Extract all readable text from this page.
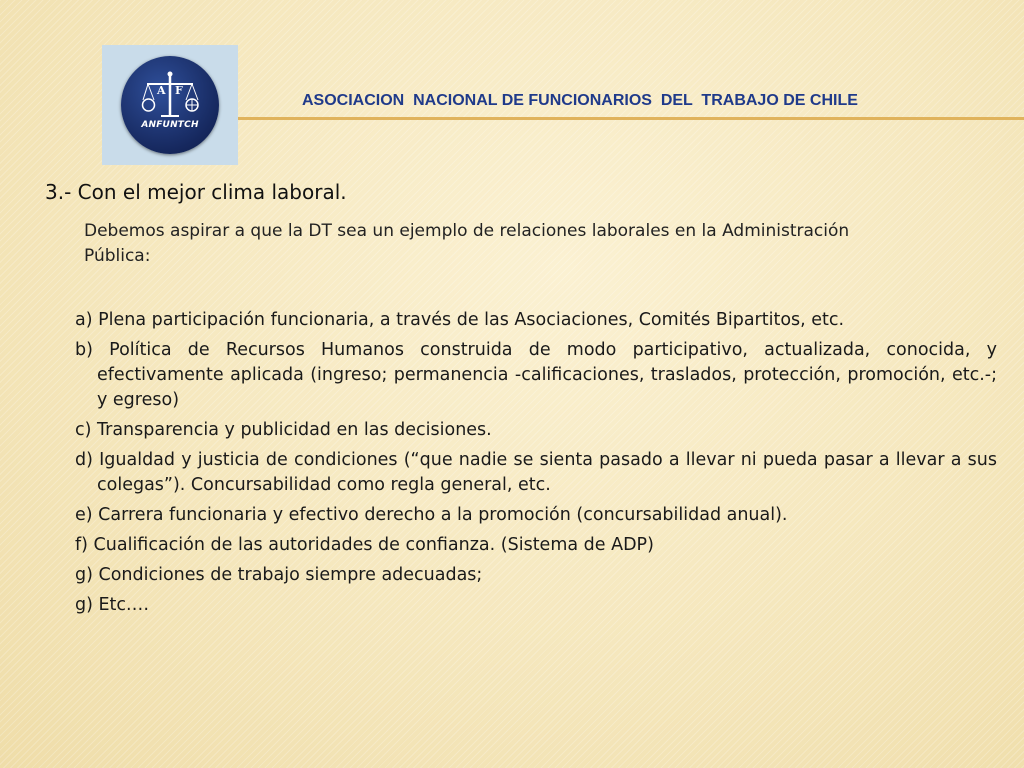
A F
ANFUNTCH
ASOCIACION  NACIONAL DE FUNCIONARIOS  DEL  TRABAJO DE CHILE
3.- Con el mejor clima laboral.
Debemos aspirar a que la DT sea un ejemplo de relaciones laborales en la Administración Pública:
a) Plena participación funcionaria, a través de las Asociaciones, Comités Bipartitos, etc.
b) Política de Recursos Humanos construida de modo participativo, actualizada, conocida, y efectivamente aplicada (ingreso; permanencia -calificaciones, traslados, protección, promoción, etc.-; y egreso)
c) Transparencia y publicidad en las decisiones.
d) Igualdad y justicia de condiciones (“que nadie se sienta pasado a llevar ni pueda pasar a llevar a sus colegas”). Concursabilidad como regla general, etc.
e) Carrera funcionaria y efectivo derecho a la promoción (concursabilidad anual).
f) Cualificación de las autoridades de confianza. (Sistema de ADP)
g) Condiciones de trabajo siempre adecuadas;
g) Etc.…
